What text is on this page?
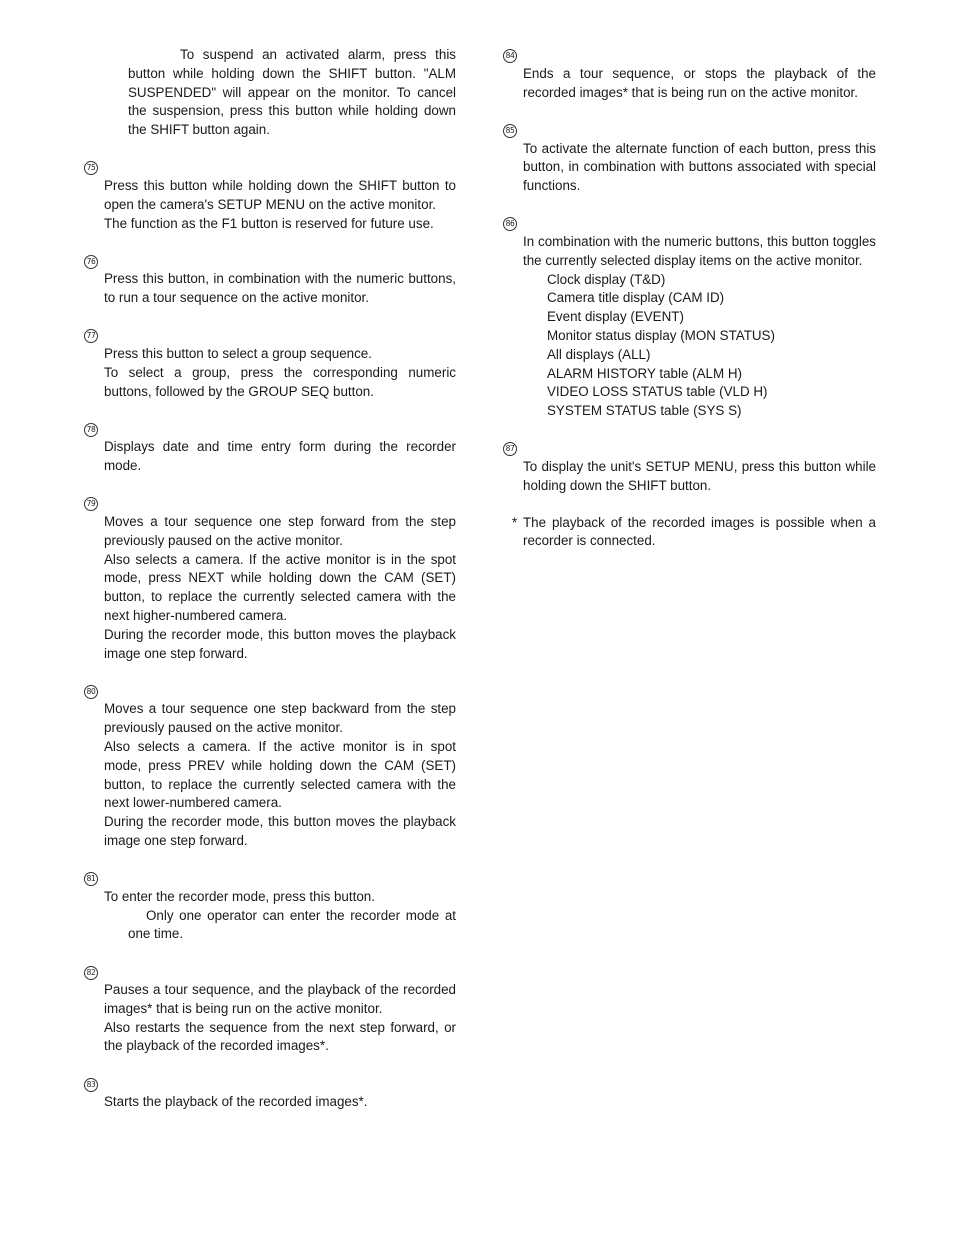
To suspend an activated alarm, press this button while holding down the SHIFT button. "ALM SUSPENDED" will appear on the monitor. To cancel the suspension, press this button while holding down the SHIFT button again.

75

Press this button while holding down the SHIFT button to open the camera's SETUP MENU on the active monitor.

The function as the F1 button is reserved for future use.

76

Press this button, in combination with the numeric buttons, to run a tour sequence on the active monitor.

77

Press this button to select a group sequence.

To select a group, press the corresponding numeric buttons, followed by the GROUP SEQ button.

78

Displays date and time entry form during the recorder mode.

79

Moves a tour sequence one step forward from the step previously paused on the active monitor.

Also selects a camera. If the active monitor is in the spot mode, press NEXT while holding down the CAM (SET) button, to replace the currently selected camera with the next higher-numbered camera.

During the recorder mode, this button moves the playback image one step forward.

80

Moves a tour sequence one step backward from the step previously paused on the active monitor.

Also selects a camera. If the active monitor is in spot mode, press PREV while holding down the CAM (SET) button, to replace the currently selected camera with the next lower-numbered camera.

During the recorder mode, this button moves the playback image one step forward.

81

To enter the recorder mode, press this button.

Only one operator can enter the recorder mode at one time.

82

Pauses a tour sequence, and the playback of the recorded images* that is being run on the active monitor.

Also restarts the sequence from the next step forward, or the playback of the recorded images*.

83

Starts the playback of the recorded images*.

84

Ends a tour sequence, or stops the playback of the recorded images* that is being run on the active monitor.

85

To activate the alternate function of each button, press this button, in combination with buttons associated with special functions.

86

In combination with the numeric buttons, this button toggles the currently selected display items on the active monitor.

Clock display (T&D)
Camera title display (CAM ID)
Event display (EVENT)
Monitor status display (MON STATUS)
All displays (ALL)
ALARM HISTORY table (ALM H)
VIDEO LOSS STATUS table (VLD H)
SYSTEM STATUS table (SYS S)
87

To display the unit's SETUP MENU, press this button while holding down the SHIFT button.

* The playback of the recorded images is possible when a recorder is connected.
